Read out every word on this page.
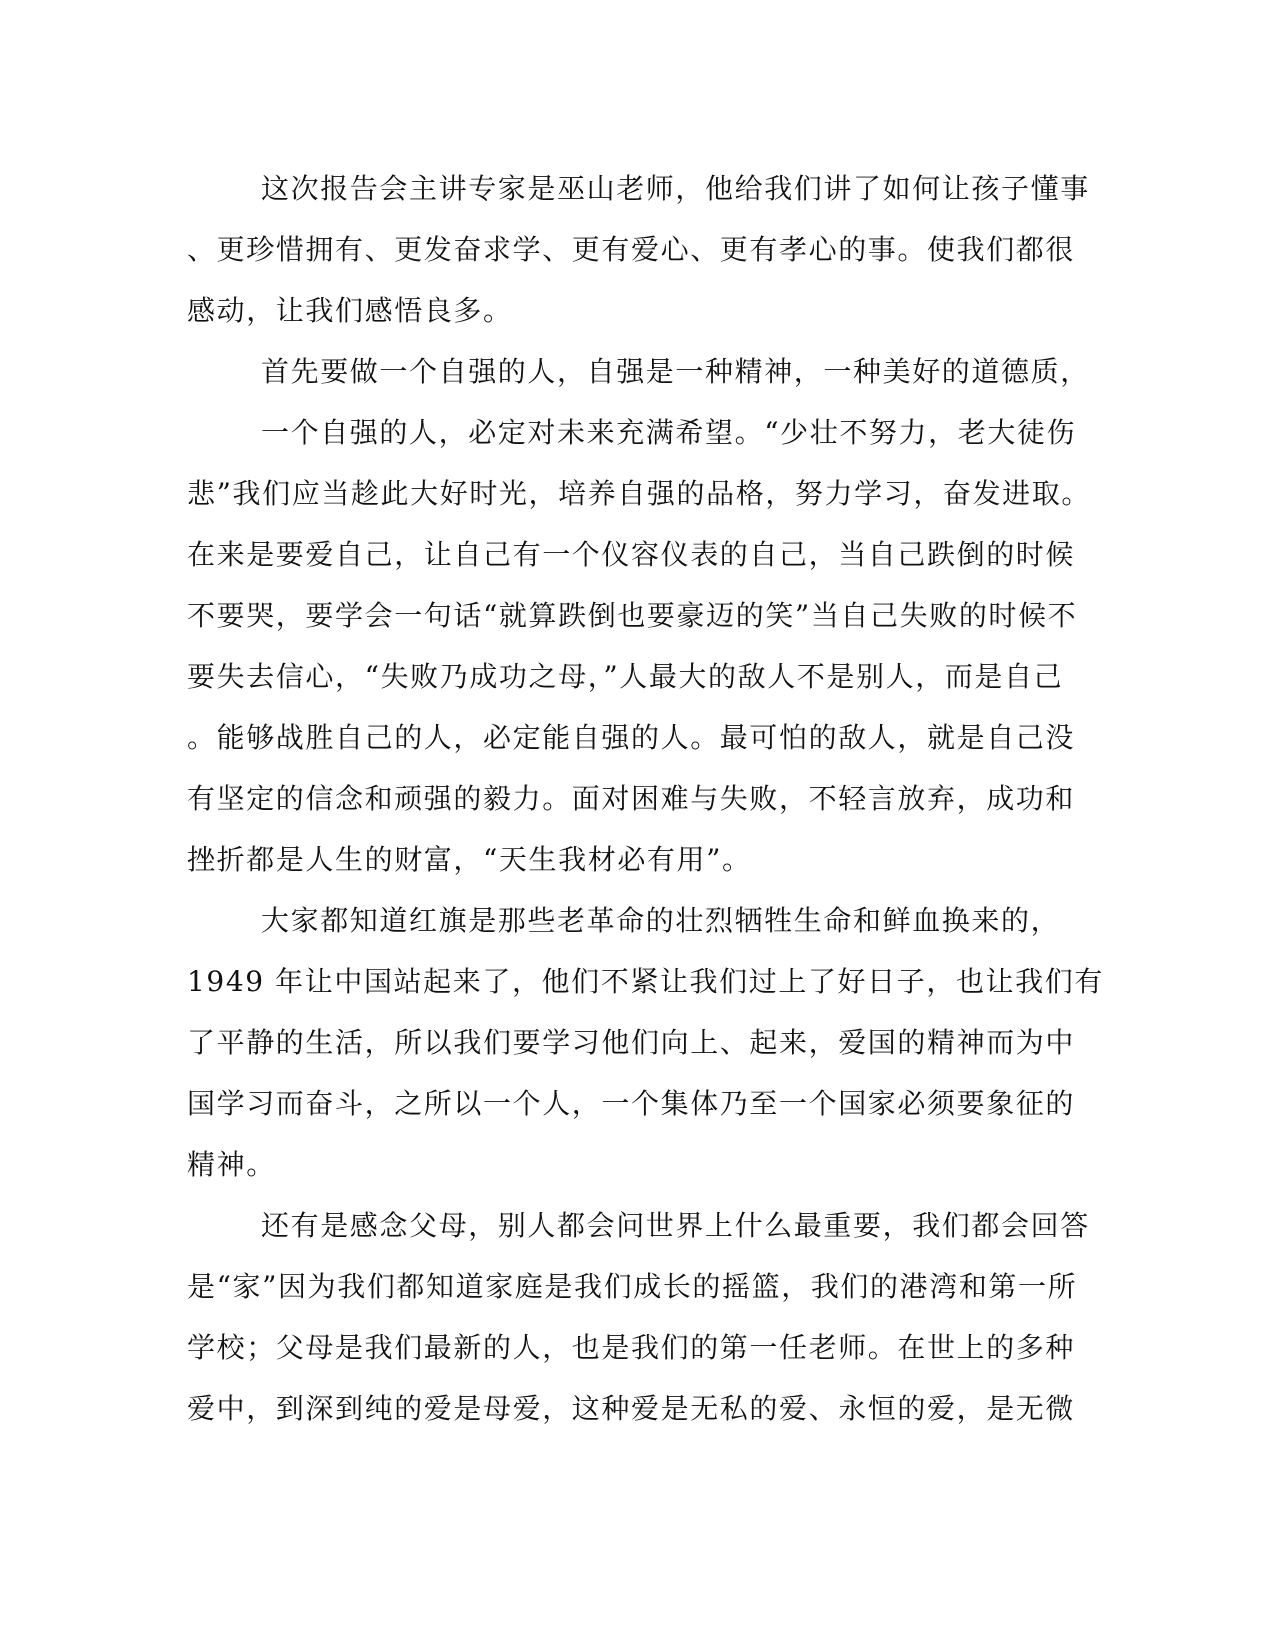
这次报告会主讲专家是巫山老师，他给我们讲了如何让孩子懂事
、更珍惜拥有、更发奋求学、更有爱心、更有孝心的事。使我们都很
感动，让我们感悟良多。
首先要做一个自强的人，自强是一种精神，一种美好的道德质，
一个自强的人，必定对未来充满希望。“少壮不努力，老大徒伤
悲”我们应当趁此大好时光，培养自强的品格，努力学习，奋发进取。
在来是要爱自己，让自己有一个仪容仪表的自己，当自己跌倒的时候
不要哭，要学会一句话“就算跌倒也要豪迈的笑”当自己失败的时候不
要失去信心，“失败乃成功之母，”人最大的敌人不是别人，而是自己
。能够战胜自己的人，必定能自强的人。最可怕的敌人，就是自己没
有坚定的信念和顽强的毅力。面对困难与失败，不轻言放弃，成功和
挫折都是人生的财富，“天生我材必有用”。
大家都知道红旗是那些老革命的壮烈牺牲生命和鲜血换来的，
1949 年让中国站起来了，他们不紧让我们过上了好日子，也让我们有
了平静的生活，所以我们要学习他们向上、起来，爱国的精神而为中
国学习而奋斗，之所以一个人，一个集体乃至一个国家必须要象征的
精神。
还有是感念父母，别人都会问世界上什么最重要，我们都会回答
是“家”因为我们都知道家庭是我们成长的摇篮，我们的港湾和第一所
学校；父母是我们最新的人，也是我们的第一任老师。在世上的多种
爱中，到深到纯的爱是母爱，这种爱是无私的爱、永恒的爱，是无微
